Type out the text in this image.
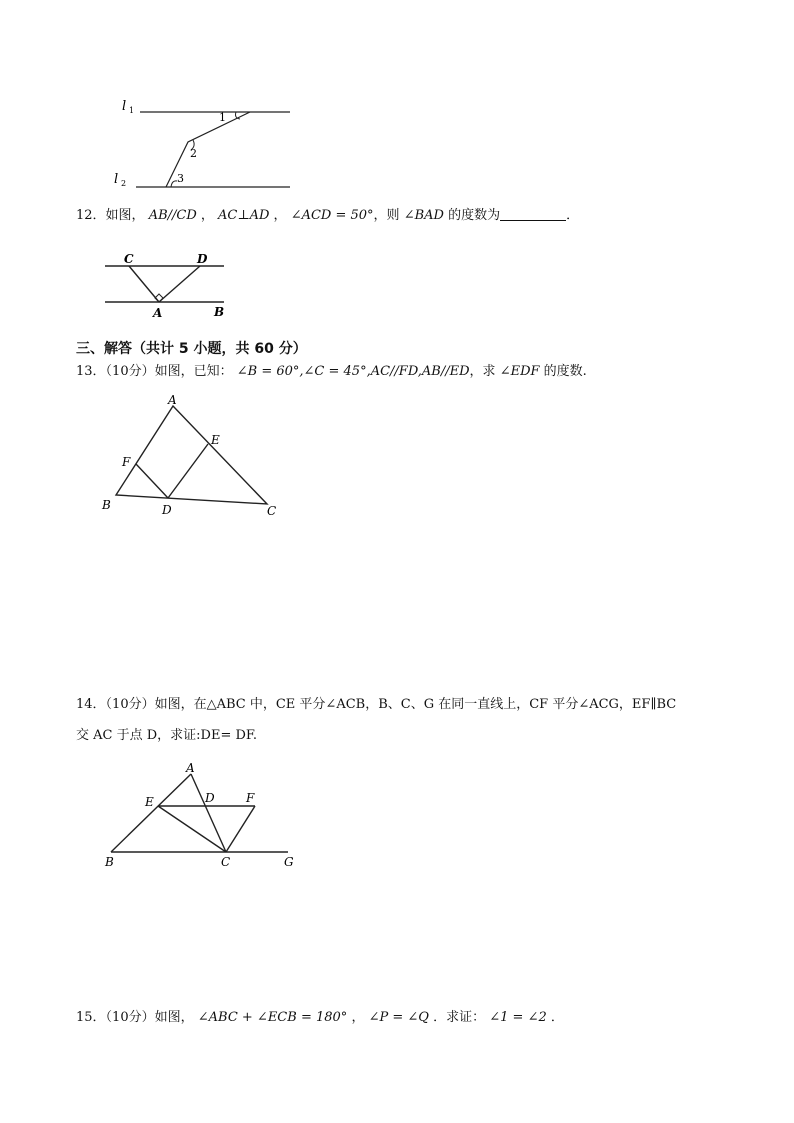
l 1
l 2
1
2
3
12．如图， AB//CD ， AC⊥AD ， ∠ACD = 50°，则 ∠BAD 的度数为	．
C	D
A	B
三、解答（共计 5 小题，共 60 分）
13．（10分）如图，已知： ∠B = 60°,∠C = 45°,AC//FD,AB//ED，求 ∠EDF 的度数.
A
E
F
B	D	C
14．（10分）如图，在△ABC 中，CE 平分∠ACB，B、C、G 在同一直线上，CF 平分∠ACG，EF∥BC
交 AC 于点 D，求证:DE= DF.
A
E	D	F
B	C	G
15．（10分）如图， ∠ABC + ∠ECB = 180° ， ∠P = ∠Q ．求证： ∠1 = ∠2 ．
